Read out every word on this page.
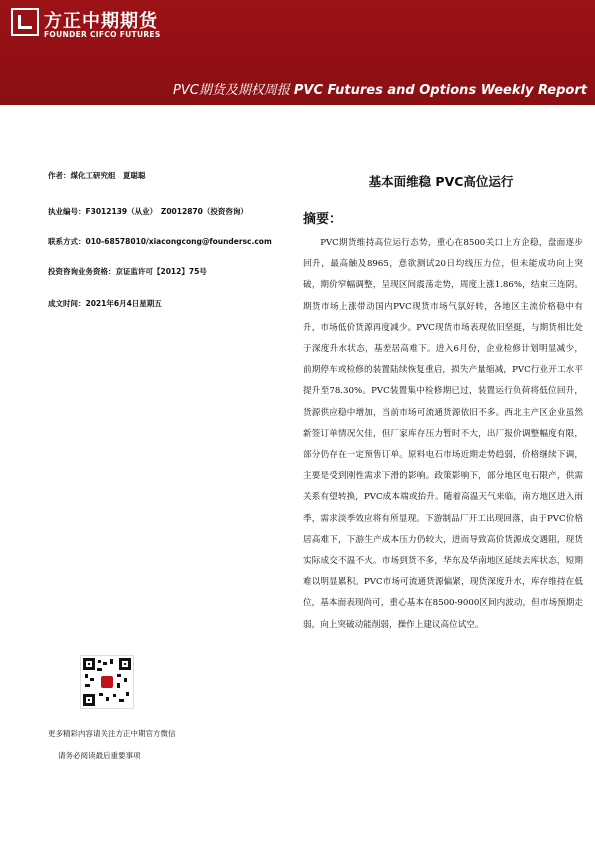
方正中期期货
FOUNDER CIFCO FUTURES
PVC期货及期权周报 PVC Futures and Options Weekly Report
作者：煤化工研究组　夏聪聪
执业编号：F3012139（从业）　Z0012870（投资咨询）
联系方式：010-68578010/xiacongcong@foundersc.com
投资咨询业务资格：京证监许可【2012】75号
成文时间：2021年6月4日星期五
更多精彩内容请关注方正中期官方微信
请务必阅读最后重要事项
基本面维稳 PVC高位运行
摘要：

PVC期货维持高位运行态势，重心在8500关口上方企稳，盘面逐步回升，最高触及8965，意欲测试20日均线压力位，但未能成功向上突破，期价窄幅调整，呈现区间震荡走势，周度上涨1.86%，结束三连阴。期货市场上涨带动国内PVC现货市场气氛好转，各地区主流价格稳中有升，市场低价货源再度减少。PVC现货市场表现依旧坚挺，与期货相比处于深度升水状态，基差居高难下。进入6月份，企业检修计划明显减少，前期停车或检修的装置陆续恢复重启，损失产量缩减，PVC行业开工水平提升至78.30%。PVC装置集中检修期已过，装置运行负荷将低位回升，货源供应稳中增加，当前市场可流通货源依旧不多。西北主产区企业虽然新签订单情况欠佳，但厂家库存压力暂时不大，出厂报价调整幅度有限，部分仍存在一定预售订单。原料电石市场近期走势趋弱，价格继续下调，主要是受到刚性需求下滑的影响。政策影响下，部分地区电石限产，供需关系有望转换，PVC成本端或抬升。随着高温天气来临，南方地区进入雨季，需求淡季效应将有所显现。下游制品厂开工出现回落，由于PVC价格居高难下，下游生产成本压力仍较大，进而导致高价货源成交遇阻，现货实际成交不温不火。市场到货不多，华东及华南地区延续去库状态，短期难以明显累积。PVC市场可流通货源偏紧，现货深度升水，库存维持在低位，基本面表现尚可，重心基本在8500-9000区间内波动，但市场预期走弱，向上突破动能削弱，操作上建议高位试空。
